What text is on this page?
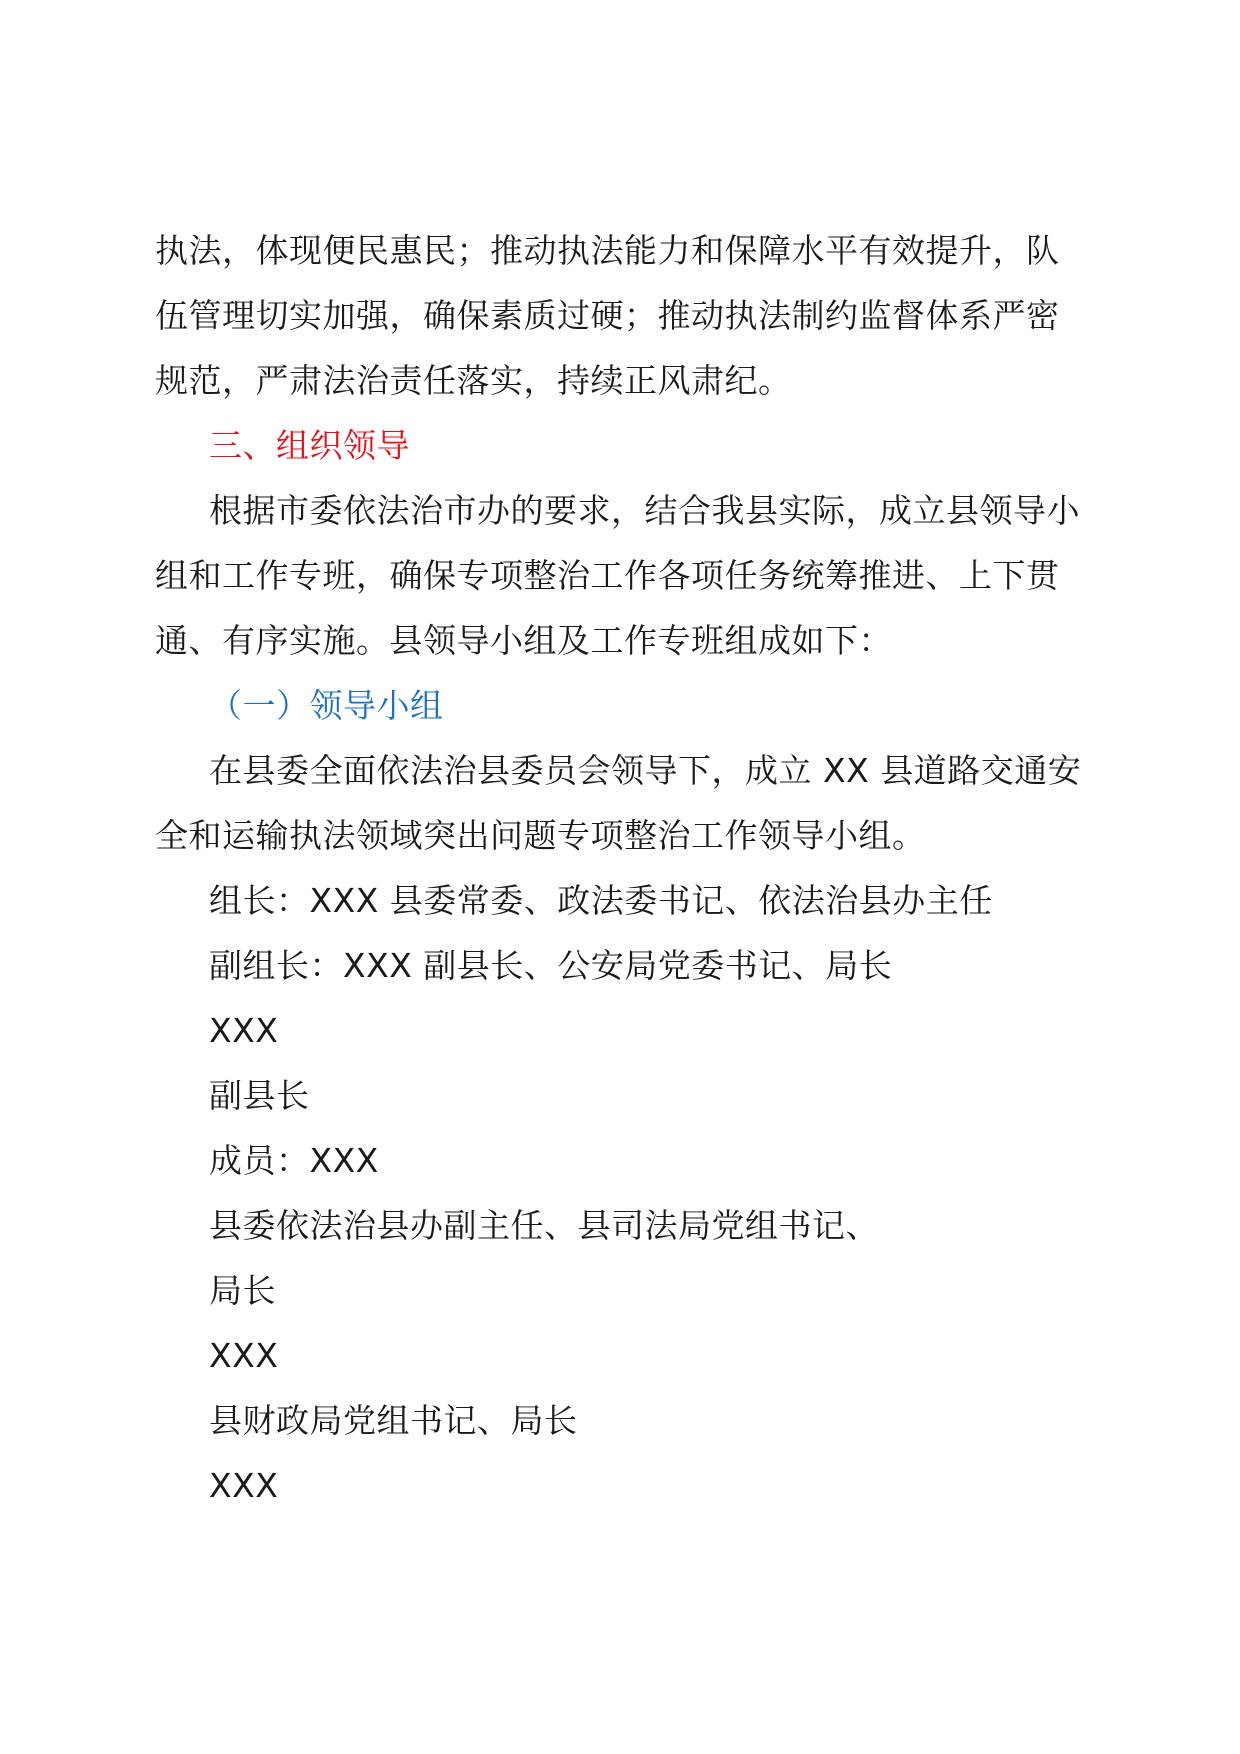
执法，体现便民惠民；推动执法能力和保障水平有效提升，队
伍管理切实加强，确保素质过硬；推动执法制约监督体系严密
规范，严肃法治责任落实，持续正风肃纪。
三、组织领导
根据市委依法治市办的要求，结合我县实际，成立县领导小
组和工作专班，确保专项整治工作各项任务统筹推进、上下贯
通、有序实施。县领导小组及工作专班组成如下：
（一）领导小组
在县委全面依法治县委员会领导下，成立 XX 县道路交通安
全和运输执法领域突出问题专项整治工作领导小组。
组长：XXX 县委常委、政法委书记、依法治县办主任
副组长：XXX 副县长、公安局党委书记、局长
XXX
副县长
成员：XXX
县委依法治县办副主任、县司法局党组书记、
局长
XXX
县财政局党组书记、局长
XXX
